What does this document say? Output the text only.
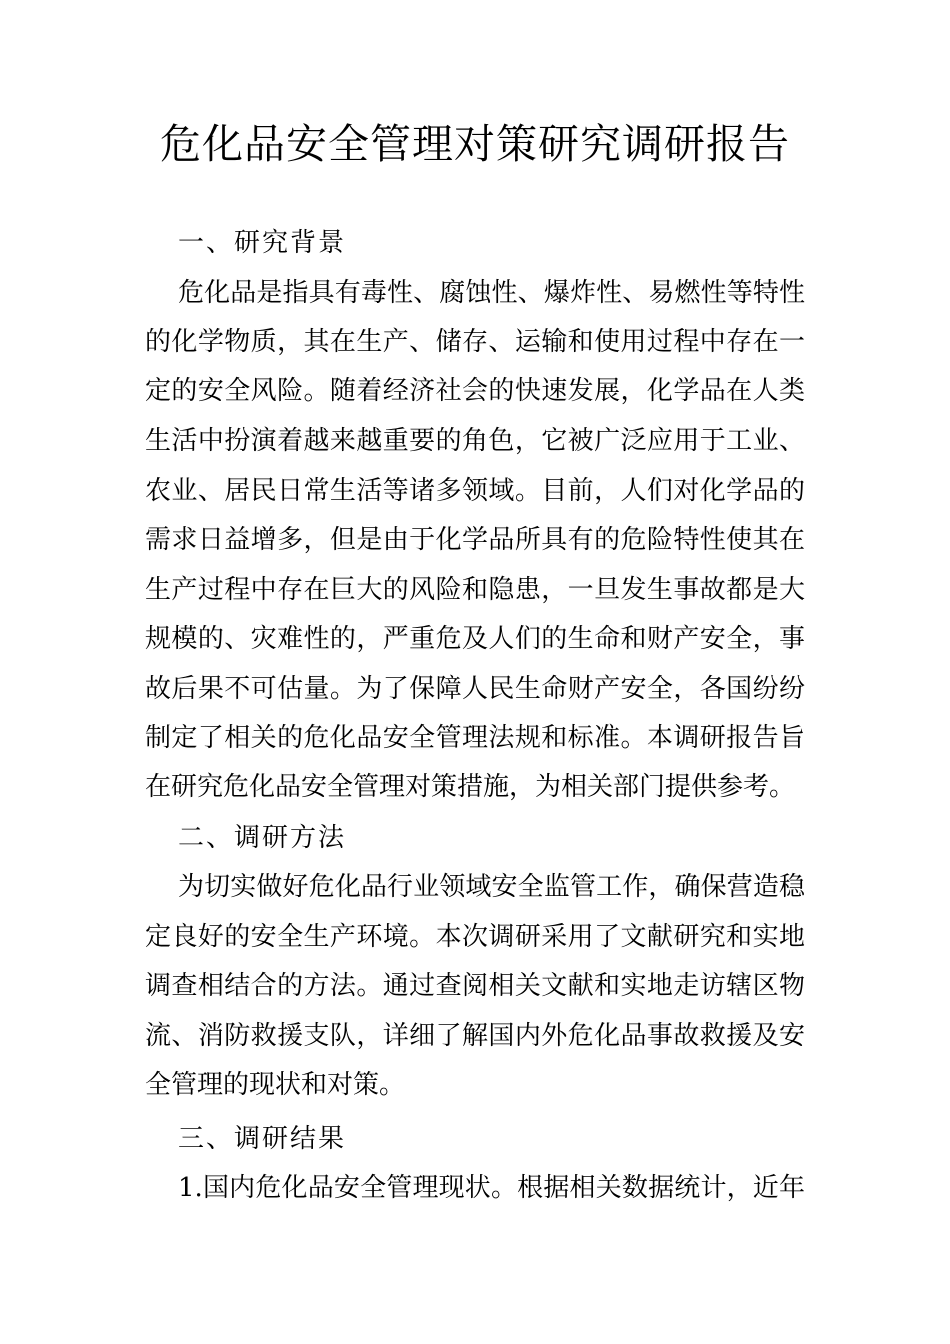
危化品安全管理对策研究调研报告
一、研究背景
危化品是指具有毒性、腐蚀性、爆炸性、易燃性等特性
的化学物质，其在生产、储存、运输和使用过程中存在一
定的安全风险。随着经济社会的快速发展，化学品在人类
生活中扮演着越来越重要的角色，它被广泛应用于工业、
农业、居民日常生活等诸多领域。目前，人们对化学品的
需求日益增多，但是由于化学品所具有的危险特性使其在
生产过程中存在巨大的风险和隐患，一旦发生事故都是大
规模的、灾难性的，严重危及人们的生命和财产安全，事
故后果不可估量。为了保障人民生命财产安全，各国纷纷
制定了相关的危化品安全管理法规和标准。本调研报告旨
在研究危化品安全管理对策措施，为相关部门提供参考。
二、调研方法
为切实做好危化品行业领域安全监管工作，确保营造稳
定良好的安全生产环境。本次调研采用了文献研究和实地
调查相结合的方法。通过查阅相关文献和实地走访辖区物
流、消防救援支队，详细了解国内外危化品事故救援及安
全管理的现状和对策。
三、调研结果
1.国内危化品安全管理现状。根据相关数据统计，近年
